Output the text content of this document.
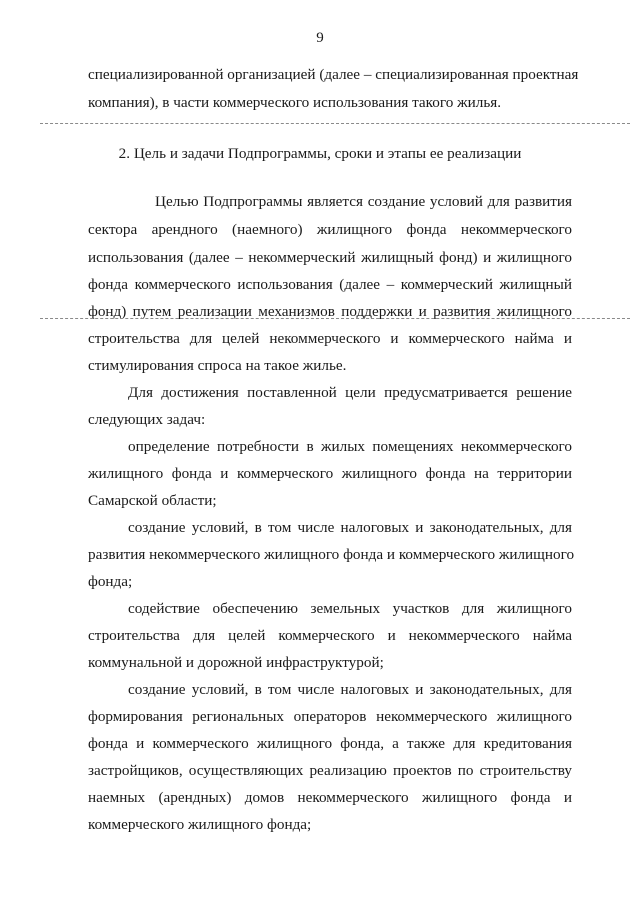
9
специализированной организацией (далее – специализированная проектная
компания), в части коммерческого использования такого жилья.
2. Цель и задачи Подпрограммы, сроки и этапы ее реализации
Целью Подпрограммы является создание условий для развития
сектора арендного (наемного) жилищного фонда некоммерческого
использования (далее – некоммерческий жилищный фонд) и жилищного
фонда коммерческого использования (далее – коммерческий жилищный
фонд) путем реализации механизмов поддержки и развития жилищного
строительства для целей некоммерческого и коммерческого найма и
стимулирования спроса на такое жилье.
Для достижения поставленной цели предусматривается решение
следующих задач:
определение потребности в жилых помещениях некоммерческого
жилищного фонда и коммерческого жилищного фонда на территории
Самарской области;
создание условий, в том числе налоговых и законодательных, для
развития некоммерческого жилищного фонда и коммерческого жилищного
фонда;
содействие обеспечению земельных участков для жилищного
строительства для целей коммерческого и некоммерческого найма
коммунальной и дорожной инфраструктурой;
создание условий, в том числе налоговых и законодательных, для
формирования региональных операторов некоммерческого жилищного
фонда и коммерческого жилищного фонда, а также для кредитования
застройщиков, осуществляющих реализацию проектов по строительству
наемных (арендных) домов некоммерческого жилищного фонда и
коммерческого жилищного фонда;
